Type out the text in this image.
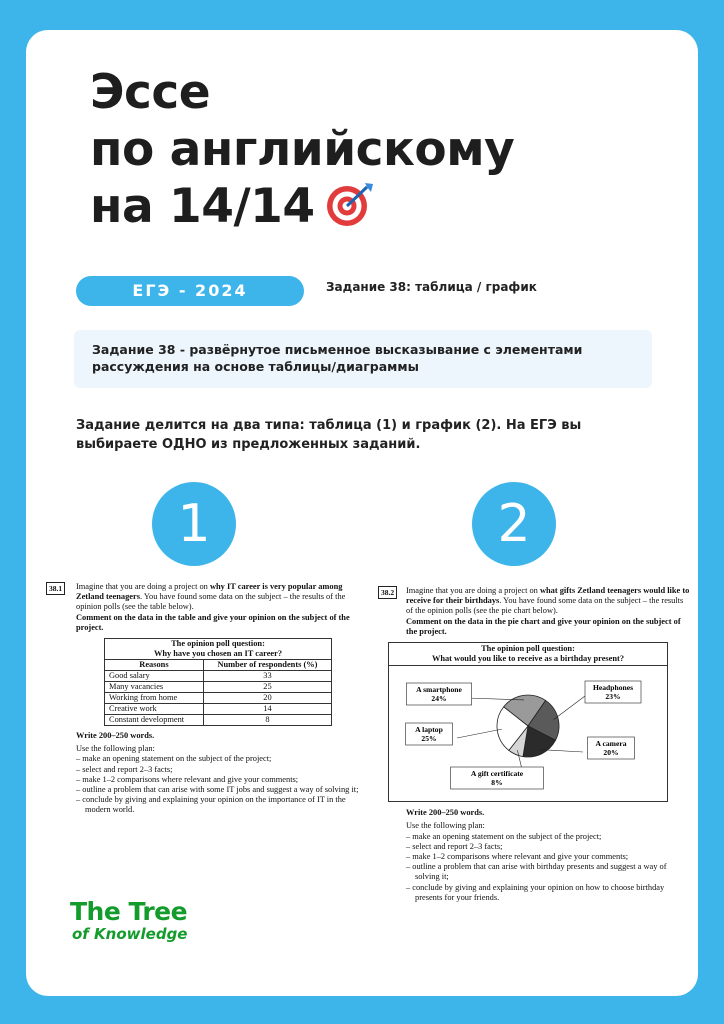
Эссе
по английскому
на 14/14
ЕГЭ - 2024	Задание 38: таблица / график

Задание 38 - развёрнутое письменное высказывание с элементами рассуждения на основе таблицы/диаграммы

Задание делится на два типа: таблица (1) и график (2). На ЕГЭ вы выбираете ОДНО из предложенных заданий.

1	2
38.1	Imagine that you are doing a project on why IT career is very popular among Zetland teenagers. You have found some data on the subject – the results of the opinion polls (see the table below).

Comment on the data in the table and give your opinion on the subject of the project.

The opinion poll question:
Why have you chosen an IT career?	
Reasons	Number of respondents (%)
Good salary	33
Many vacancies	25
Working from home	20
Creative work	14
Constant development	8

Write 200–250 words.

Use the following plan:

– make an opening statement on the subject of the project;
– select and report 2–3 facts;
– make 1–2 comparisons where relevant and give your comments;
– outline a problem that can arise with some IT jobs and suggest a way of solving it;
– conclude by giving and explaining your opinion on the importance of IT in the modern world.
38.2	Imagine that you are doing a project on what gifts Zetland teenagers would like to receive for their birthdays. You have found some data on the subject – the results of the opinion polls (see the pie chart below).

Comment on the data in the pie chart and give your opinion on the subject of the project.

The opinion poll question:
What would you like to receive as a birthday present?
A smartphone
24%
Headphones
23%
A camera
20%
A gift certificate
8%
A laptop
25%

Write 200–250 words.

Use the following plan:

– make an opening statement on the subject of the project;
– select and report 2–3 facts;
– make 1–2 comparisons where relevant and give your comments;
– outline a problem that can arise with birthday presents and suggest a way of solving it;
– conclude by giving and explaining your opinion on how to choose birthday presents for your friends.
The Tree
of Knowledge
